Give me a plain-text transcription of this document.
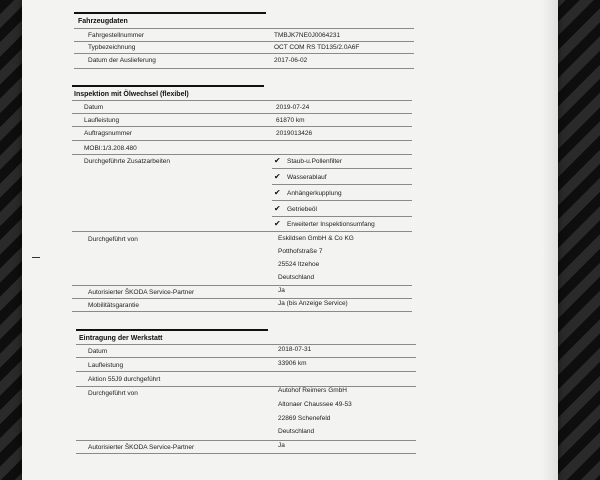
Fahrzeugdaten
Fahrgestellnummer	TMBJK7NE0J0064231
Typbezeichnung	OCT COM RS TD135/2.0A6F
Datum der Auslieferung	2017-06-02
Inspektion mit Ölwechsel (flexibel)
Datum	2019-07-24
Laufleistung	61870 km
Auftragsnummer	2019013426
MOBI:1/3.208.480
Durchgeführte Zusatzarbeiten	✔ Staub-u.Pollenfilter
✔ Wasserablauf
✔ Anhängerkupplung
✔ Getriebeöl
✔ Erweiterter Inspektionsumfang
Durchgeführt von	Eskildsen GmbH & Co KG
Potthofstraße 7
25524 Itzehoe
Deutschland
Autorisierter ŠKODA Service-Partner	Ja
Mobilitätsgarantie	Ja (bis Anzeige Service)
Eintragung der Werkstatt
Datum	2018-07-31
Laufleistung	33906 km
Aktion 55J9 durchgeführt
Durchgeführt von	Autohof Reimers GmbH
Altonaer Chaussee 49-53
22869 Schenefeld
Deutschland
Autorisierter ŠKODA Service-Partner	Ja
